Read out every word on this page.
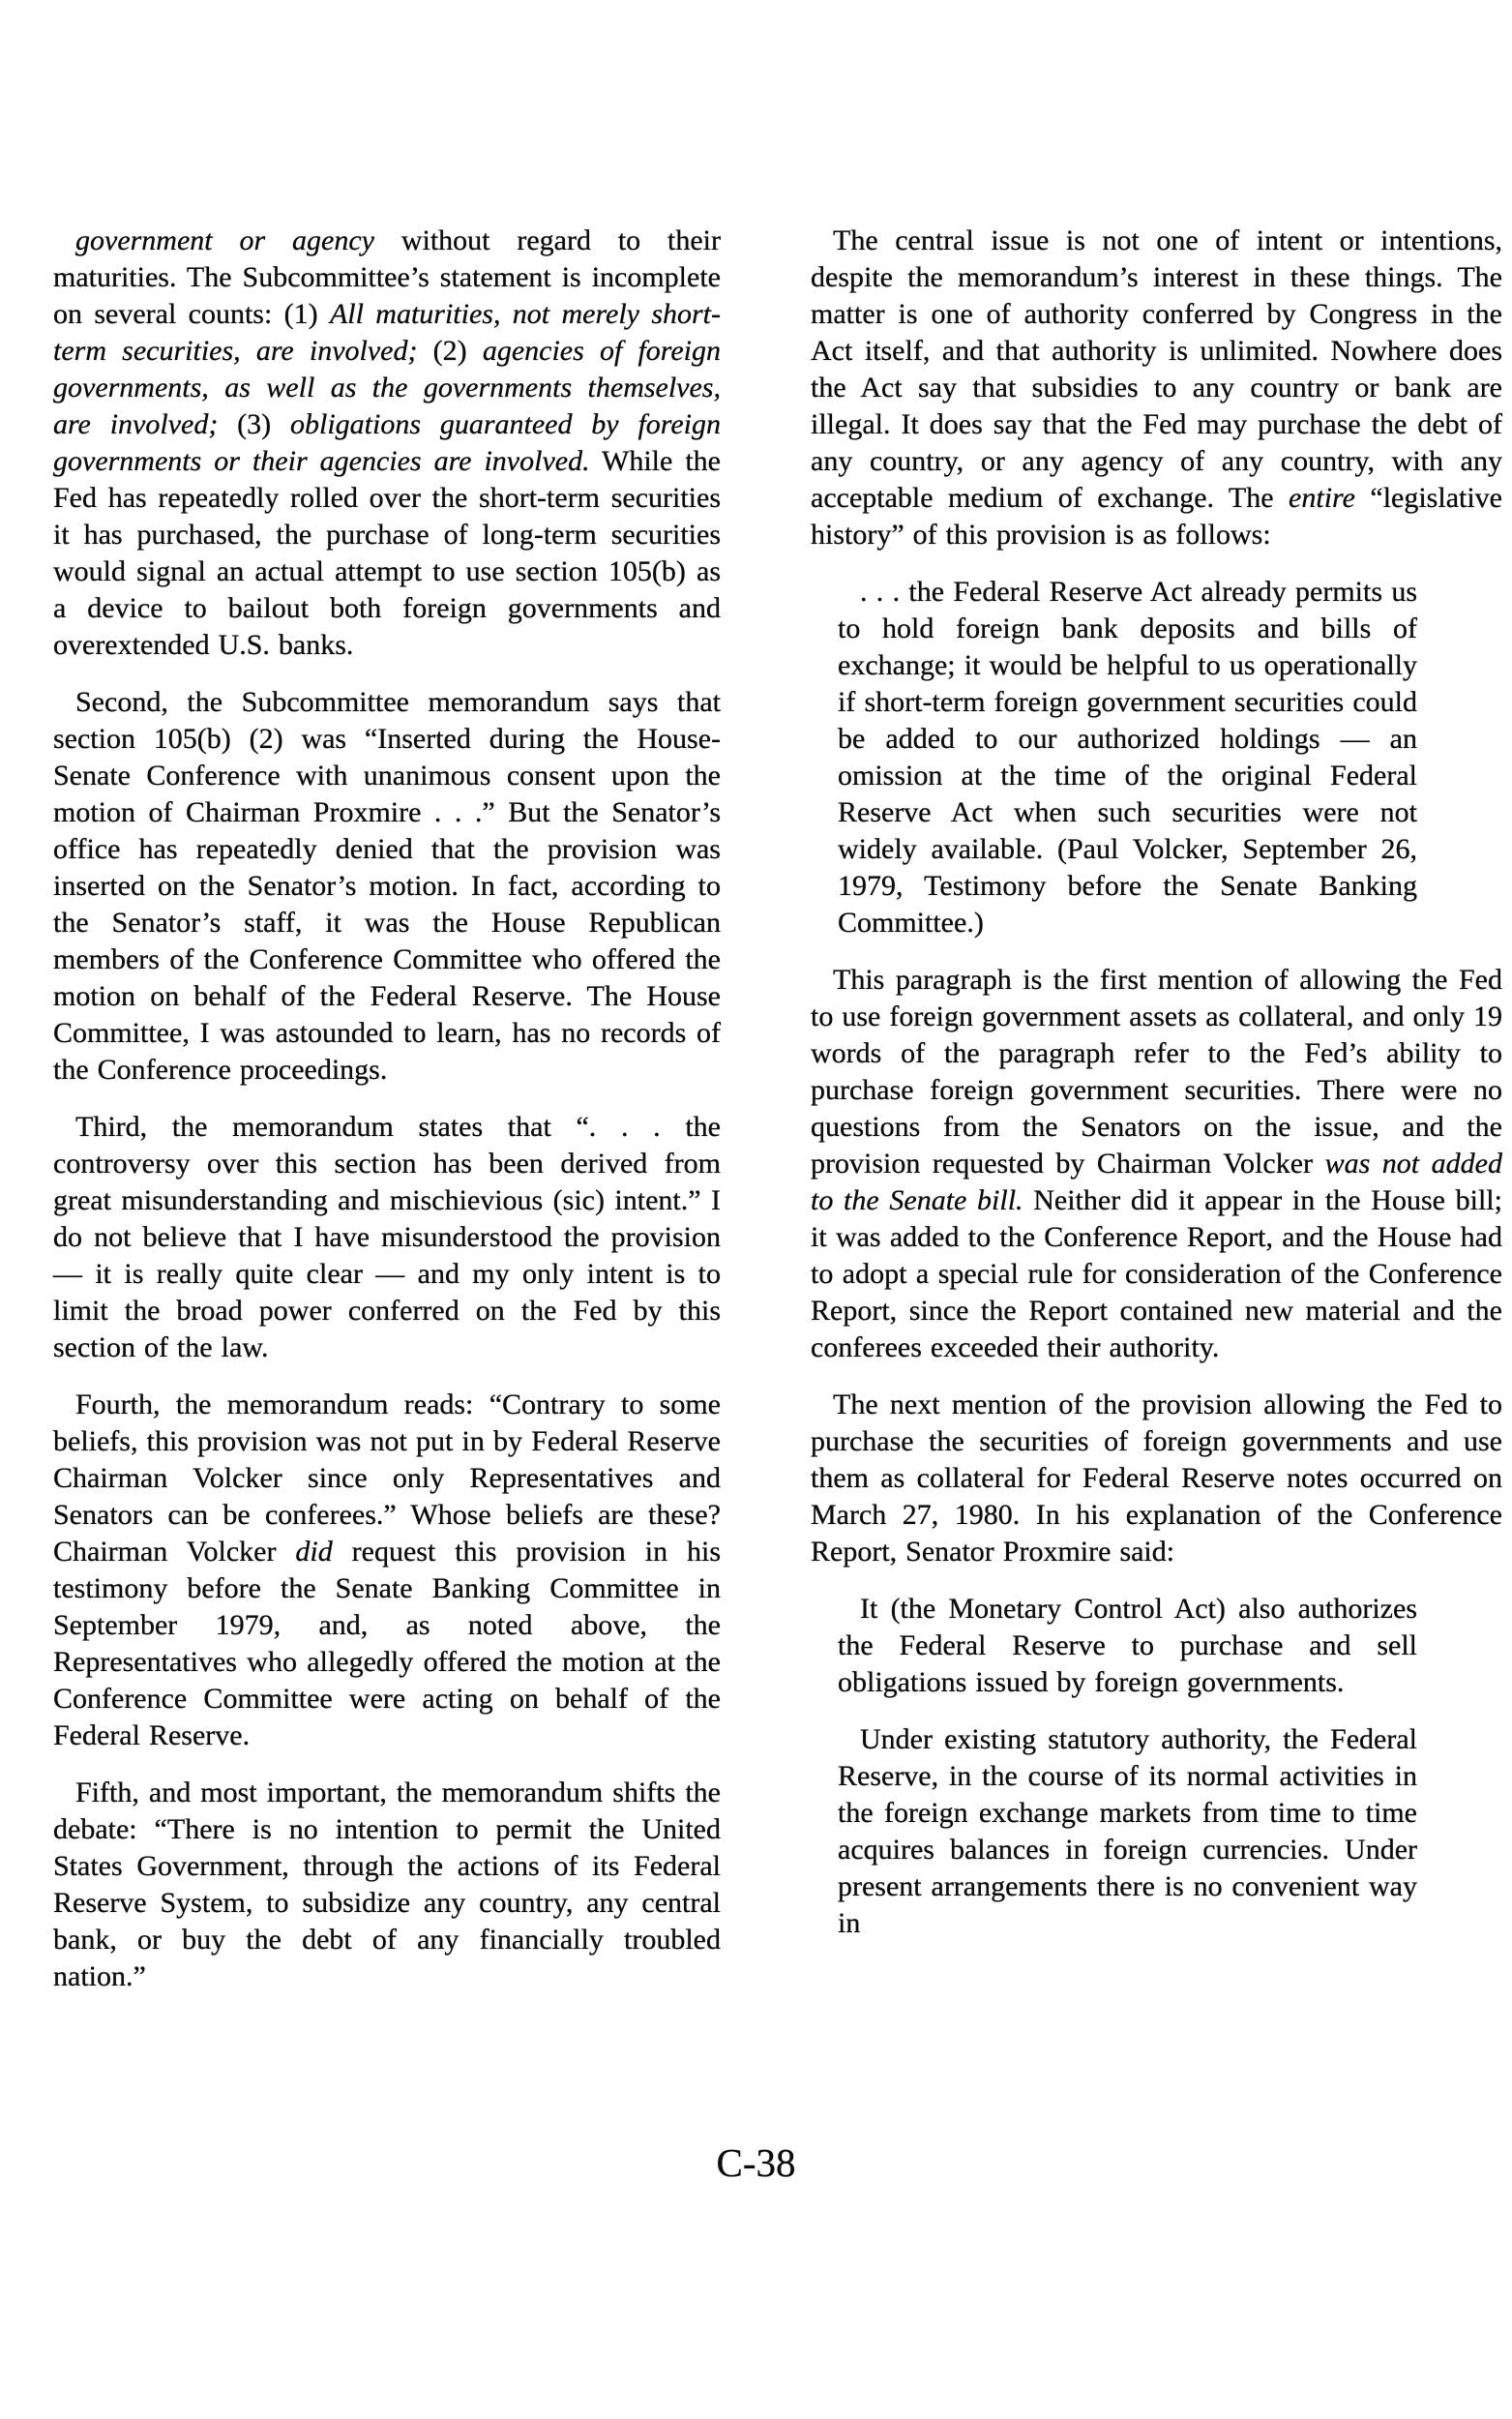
government or agency without regard to their maturities. The Subcommittee’s statement is incomplete on several counts: (1) All maturities, not merely short-term securities, are involved; (2) agencies of foreign governments, as well as the governments themselves, are involved; (3) obligations guaranteed by foreign governments or their agencies are involved. While the Fed has repeatedly rolled over the short-term securities it has purchased, the purchase of long-term securities would signal an actual attempt to use section 105(b) as a device to bailout both foreign governments and overextended U.S. banks.

Second, the Subcommittee memorandum says that section 105(b) (2) was “Inserted during the House-Senate Conference with unanimous consent upon the motion of Chairman Proxmire . . .” But the Senator’s office has repeatedly denied that the provision was inserted on the Senator’s motion. In fact, according to the Senator’s staff, it was the House Republican members of the Conference Committee who offered the motion on behalf of the Federal Reserve. The House Committee, I was astounded to learn, has no records of the Conference proceedings.

Third, the memorandum states that “. . . the controversy over this section has been derived from great misunderstanding and mischievious (sic) intent.” I do not believe that I have misunderstood the provision — it is really quite clear — and my only intent is to limit the broad power conferred on the Fed by this section of the law.

Fourth, the memorandum reads: “Contrary to some beliefs, this provision was not put in by Federal Reserve Chairman Volcker since only Representatives and Senators can be conferees.” Whose beliefs are these? Chairman Volcker did request this provision in his testimony before the Senate Banking Committee in September 1979, and, as noted above, the Representatives who allegedly offered the motion at the Conference Committee were acting on behalf of the Federal Reserve.

Fifth, and most important, the memorandum shifts the debate: “There is no intention to permit the United States Government, through the actions of its Federal Reserve System, to subsidize any country, any central bank, or buy the debt of any financially troubled nation.”

The central issue is not one of intent or intentions, despite the memorandum’s interest in these things. The matter is one of authority conferred by Congress in the Act itself, and that authority is unlimited. Nowhere does the Act say that subsidies to any country or bank are illegal. It does say that the Fed may purchase the debt of any country, or any agency of any country, with any acceptable medium of exchange. The entire “legislative history” of this provision is as follows:

. . . the Federal Reserve Act already permits us to hold foreign bank deposits and bills of exchange; it would be helpful to us operationally if short-term foreign government securities could be added to our authorized holdings — an omission at the time of the original Federal Reserve Act when such securities were not widely available. (Paul Volcker, September 26, 1979, Testimony before the Senate Banking Committee.)

This paragraph is the first mention of allowing the Fed to use foreign government assets as collateral, and only 19 words of the paragraph refer to the Fed’s ability to purchase foreign government securities. There were no questions from the Senators on the issue, and the provision requested by Chairman Volcker was not added to the Senate bill. Neither did it appear in the House bill; it was added to the Conference Report, and the House had to adopt a special rule for consideration of the Conference Report, since the Report contained new material and the conferees exceeded their authority.

The next mention of the provision allowing the Fed to purchase the securities of foreign governments and use them as collateral for Federal Reserve notes occurred on March 27, 1980. In his explanation of the Conference Report, Senator Proxmire said:

It (the Monetary Control Act) also authorizes the Federal Reserve to purchase and sell obligations issued by foreign governments.

Under existing statutory authority, the Federal Reserve, in the course of its normal activities in the foreign exchange markets from time to time acquires balances in foreign currencies. Under present arrangements there is no convenient way in

C-38
